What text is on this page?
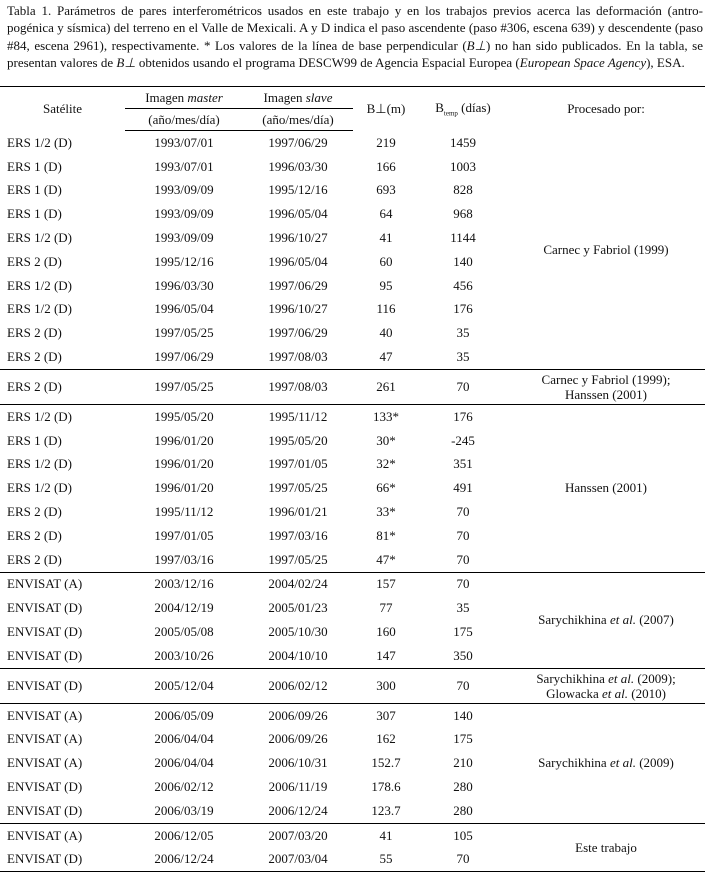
Tabla 1. Parámetros de pares interferométricos usados en este trabajo y en los trabajos previos acerca las deformación (antro-pogénica y sísmica) del terreno en el Valle de Mexicali. A y D indica el paso ascendente (paso #306, escena 639) y descendente (paso #84, escena 2961), respectivamente. * Los valores de la línea de base perpendicular (B⊥) no han sido publicados. En la tabla, se presentan valores de B⊥ obtenidos usando el programa DESCW99 de Agencia Espacial Europea (European Space Agency), ESA.
Satélite	Imagen master	Imagen slave	B⊥(m)	$B_{temp}$ (días)	Procesado por:
	(año/mes/día)	(año/mes/día)			
ERS 1/2 (D)	1993/07/01	1997/06/29	219	1459	Carnec y Fabriol (1999)
ERS 1 (D)	1993/07/01	1996/03/30	166	1003	
ERS 1 (D)	1993/09/09	1995/12/16	693	828	
ERS 1 (D)	1993/09/09	1996/05/04	64	968	
ERS 1/2 (D)	1993/09/09	1996/10/27	41	1144	
ERS 2 (D)	1995/12/16	1996/05/04	60	140	
ERS 1/2 (D)	1996/03/30	1997/06/29	95	456	
ERS 1/2 (D)	1996/05/04	1996/10/27	116	176	
ERS 2 (D)	1997/05/25	1997/06/29	40	35	
ERS 2 (D)	1997/06/29	1997/08/03	47	35	
ERS 2 (D)	1997/05/25	1997/08/03	261	70	Carnec y Fabriol (1999);
Hanssen (2001)
ERS 1/2 (D)	1995/05/20	1995/11/12	133*	176	Hanssen (2001)
ERS 1 (D)	1996/01/20	1995/05/20	30*	-245	
ERS 1/2 (D)	1996/01/20	1997/01/05	32*	351	
ERS 1/2 (D)	1996/01/20	1997/05/25	66*	491	
ERS 2 (D)	1995/11/12	1996/01/21	33*	70	
ERS 2 (D)	1997/01/05	1997/03/16	81*	70	
ERS 2 (D)	1997/03/16	1997/05/25	47*	70	
ENVISAT (A)	2003/12/16	2004/02/24	157	70	Sarychikhina et al. (2007)
ENVISAT (D)	2004/12/19	2005/01/23	77	35	
ENVISAT (D)	2005/05/08	2005/10/30	160	175	
ENVISAT (D)	2003/10/26	2004/10/10	147	350	
ENVISAT (D)	2005/12/04	2006/02/12	300	70	Sarychikhina et al. (2009);
Glowacka et al. (2010)
ENVISAT (A)	2006/05/09	2006/09/26	307	140	Sarychikhina et al. (2009)
ENVISAT (A)	2006/04/04	2006/09/26	162	175	
ENVISAT (A)	2006/04/04	2006/10/31	152.7	210	
ENVISAT (D)	2006/02/12	2006/11/19	178.6	280	
ENVISAT (D)	2006/03/19	2006/12/24	123.7	280	
ENVISAT (A)	2006/12/05	2007/03/20	41	105	Este trabajo
ENVISAT (D)	2006/12/24	2007/03/04	55	70	
